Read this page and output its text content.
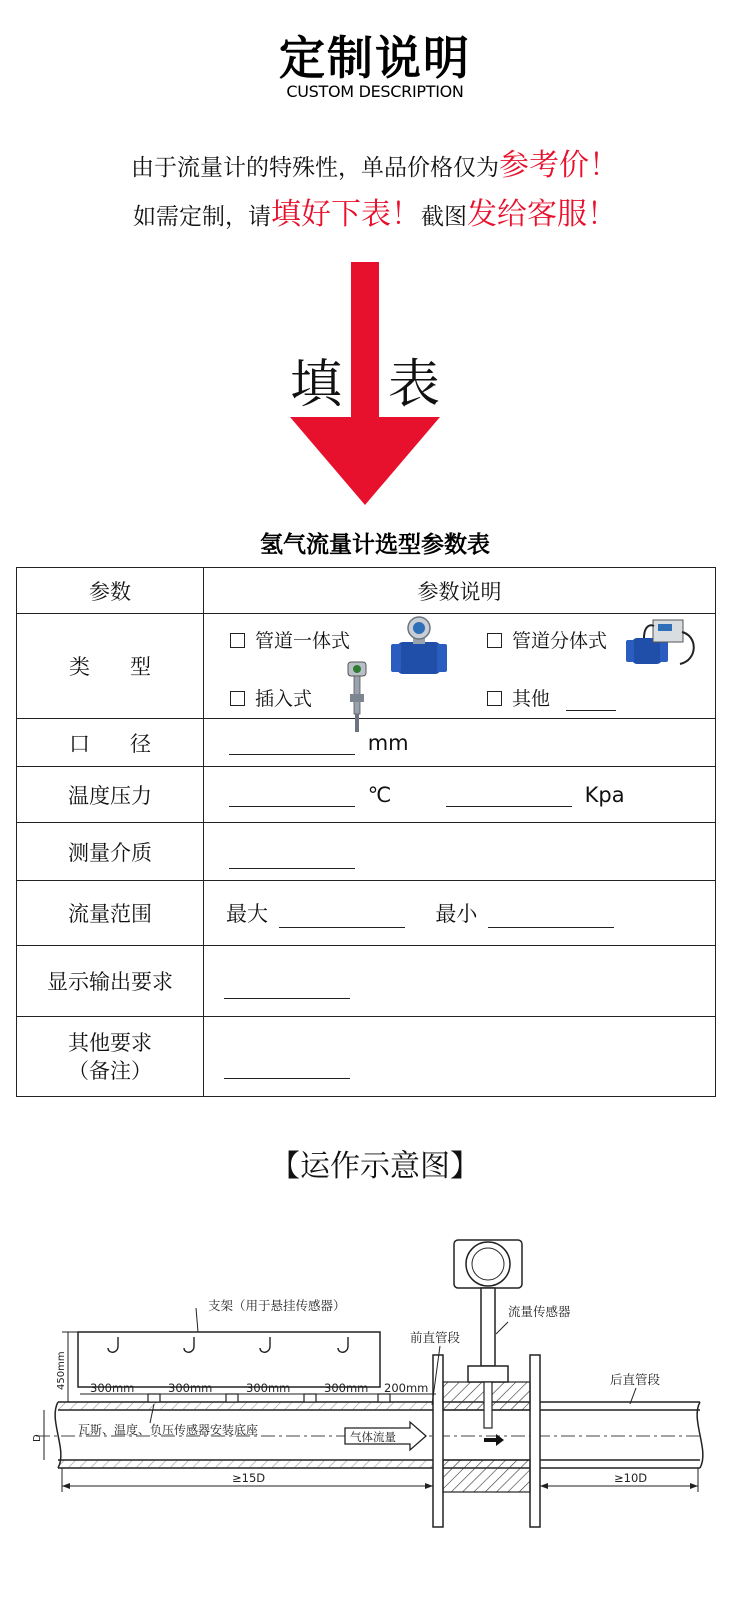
定制说明
CUSTOM DESCRIPTION
由于流量计的特殊性，单品价格仅为参考价！
如需定制，请填好下表！截图发给客服！
填 表
氢气流量计选型参数表
参数	参数说明
类      型	管道一体式 管道分体式
插入式 其他

口      径	mm
温度压力	℃ Kpa
测量介质	
流量范围	最大 最小
显示输出要求	

其他要求
（备注）	

【运作示意图】
450mm 300mm	300mm	300mm	300mm 200mm
D
支架（用于悬挂传感器）
前直管段
流量传感器
后直管段
瓦斯、温度、负压传感器安装底座	气体流量
≥15D	≥10D
